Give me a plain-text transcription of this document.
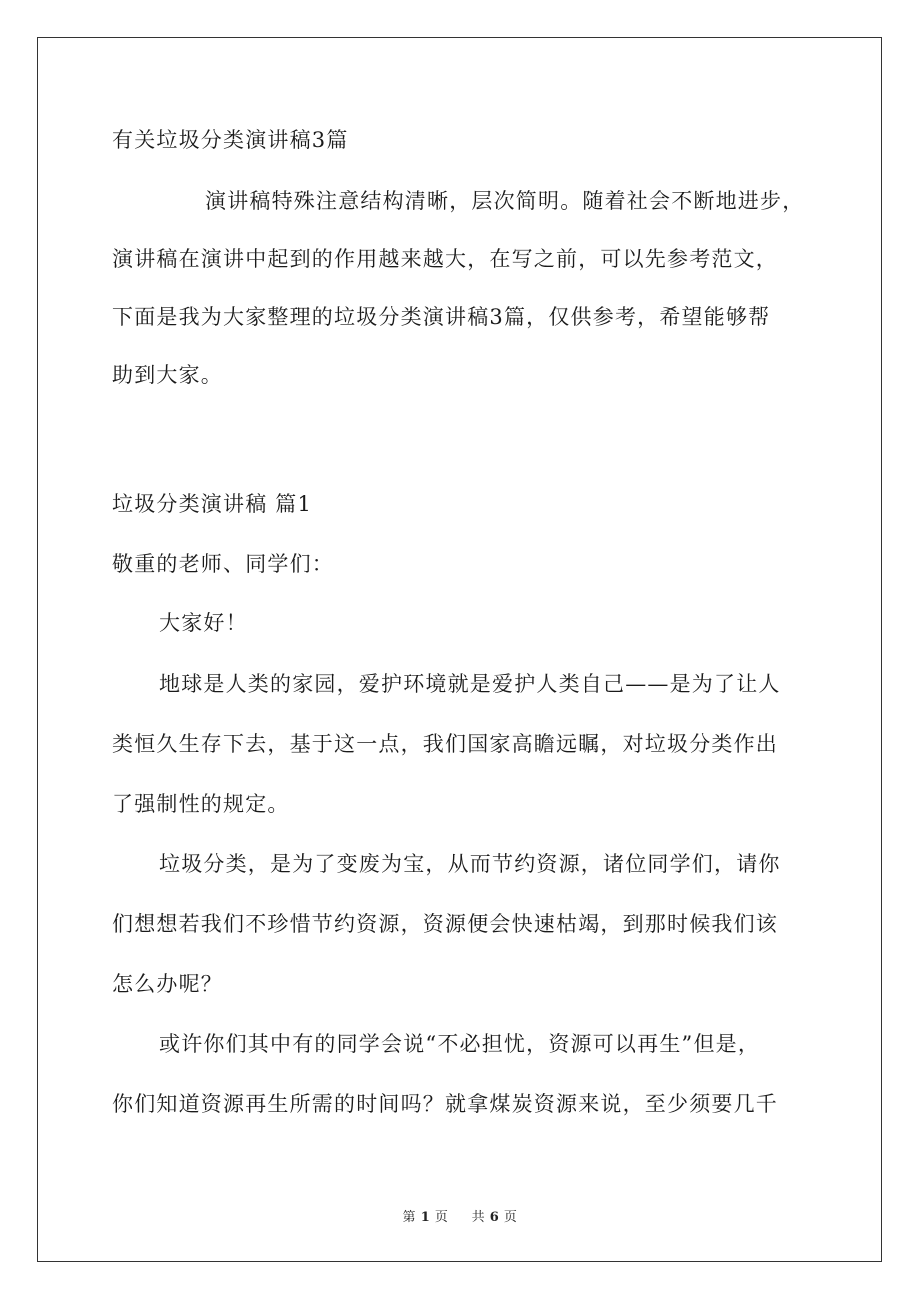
有关垃圾分类演讲稿3篇
演讲稿特殊注意结构清晰，层次简明。随着社会不断地进步，
演讲稿在演讲中起到的作用越来越大，在写之前，可以先参考范文，
下面是我为大家整理的垃圾分类演讲稿3篇，仅供参考，希望能够帮
助到大家。
垃圾分类演讲稿 篇1
敬重的老师、同学们：
大家好！
地球是人类的家园，爱护环境就是爱护人类自己——是为了让人
类恒久生存下去，基于这一点，我们国家高瞻远瞩，对垃圾分类作出
了强制性的规定。
垃圾分类，是为了变废为宝，从而节约资源，诸位同学们，请你
们想想若我们不珍惜节约资源，资源便会快速枯竭，到那时候我们该
怎么办呢？
或许你们其中有的同学会说“不必担忧，资源可以再生”但是，
你们知道资源再生所需的时间吗？就拿煤炭资源来说，至少须要几千
第 1 页 共 6 页
